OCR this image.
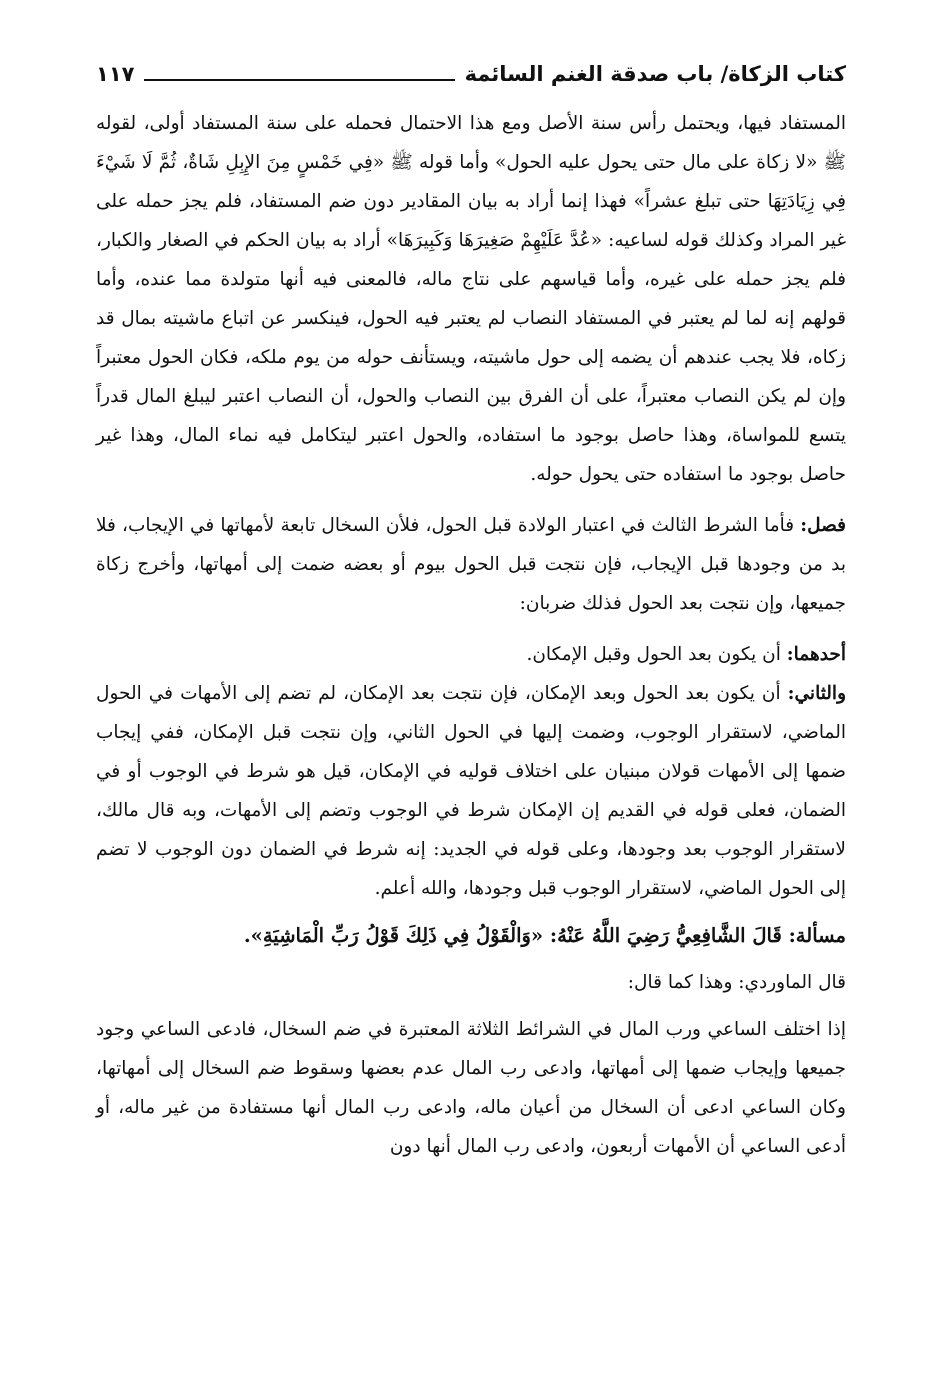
كتاب الزكاة/ باب صدقة الغنم السائمة
١١٧

المستفاد فيها، ويحتمل رأس سنة الأصل ومع هذا الاحتمال فحمله على سنة المستفاد أولى، لقوله ﷺ «لا زكاة على مال حتى يحول عليه الحول» وأما قوله ﷺ «فِي خَمْسٍ مِنَ الإِبِلِ شَاةٌ، ثُمَّ لَا شَيْءَ فِي زِيَادَتِهَا حتى تبلغ عشراً» فهذا إنما أراد به بيان المقادير دون ضم المستفاد، فلم يجز حمله على غير المراد وكذلك قوله لساعيه: «عُدَّ عَلَيْهِمْ صَغِيرَهَا وَكَبِيرَهَا» أراد به بيان الحكم في الصغار والكبار، فلم يجز حمله على غيره، وأما قياسهم على نتاج ماله، فالمعنى فيه أنها متولدة مما عنده، وأما قولهم إنه لما لم يعتبر في المستفاد النصاب لم يعتبر فيه الحول، فينكسر عن اتباع ماشيته بمال قد زكاه، فلا يجب عندهم أن يضمه إلى حول ماشيته، ويستأنف حوله من يوم ملكه، فكان الحول معتبراً وإن لم يكن النصاب معتبراً، على أن الفرق بين النصاب والحول، أن النصاب اعتبر ليبلغ المال قدراً يتسع للمواساة، وهذا حاصل بوجود ما استفاده، والحول اعتبر ليتكامل فيه نماء المال، وهذا غير حاصل بوجود ما استفاده حتى يحول حوله.

فصل: فأما الشرط الثالث في اعتبار الولادة قبل الحول، فلأن السخال تابعة لأمهاتها في الإيجاب، فلا بد من وجودها قبل الإيجاب، فإن نتجت قبل الحول بيوم أو بعضه ضمت إلى أمهاتها، وأخرج زكاة جميعها، وإن نتجت بعد الحول فذلك ضربان:

أحدهما: أن يكون بعد الحول وقبل الإمكان.

والثاني: أن يكون بعد الحول وبعد الإمكان، فإن نتجت بعد الإمكان، لم تضم إلى الأمهات في الحول الماضي، لاستقرار الوجوب، وضمت إليها في الحول الثاني، وإن نتجت قبل الإمكان، ففي إيجاب ضمها إلى الأمهات قولان مبنيان على اختلاف قوليه في الإمكان، قيل هو شرط في الوجوب أو في الضمان، فعلى قوله في القديم إن الإمكان شرط في الوجوب وتضم إلى الأمهات، وبه قال مالك، لاستقرار الوجوب بعد وجودها، وعلى قوله في الجديد: إنه شرط في الضمان دون الوجوب لا تضم إلى الحول الماضي، لاستقرار الوجوب قبل وجودها، والله أعلم.

مسألة: قَالَ الشَّافِعِيُّ رَضِيَ اللَّهُ عَنْهُ: «وَالْقَوْلُ فِي ذَلِكَ قَوْلُ رَبِّ الْمَاشِيَةِ».

قال الماوردي: وهذا كما قال:

إذا اختلف الساعي ورب المال في الشرائط الثلاثة المعتبرة في ضم السخال، فادعى الساعي وجود جميعها وإيجاب ضمها إلى أمهاتها، وادعى رب المال عدم بعضها وسقوط ضم السخال إلى أمهاتها، وكان الساعي ادعى أن السخال من أعيان ماله، وادعى رب المال أنها مستفادة من غير ماله، أو أدعى الساعي أن الأمهات أربعون، وادعى رب المال أنها دون
